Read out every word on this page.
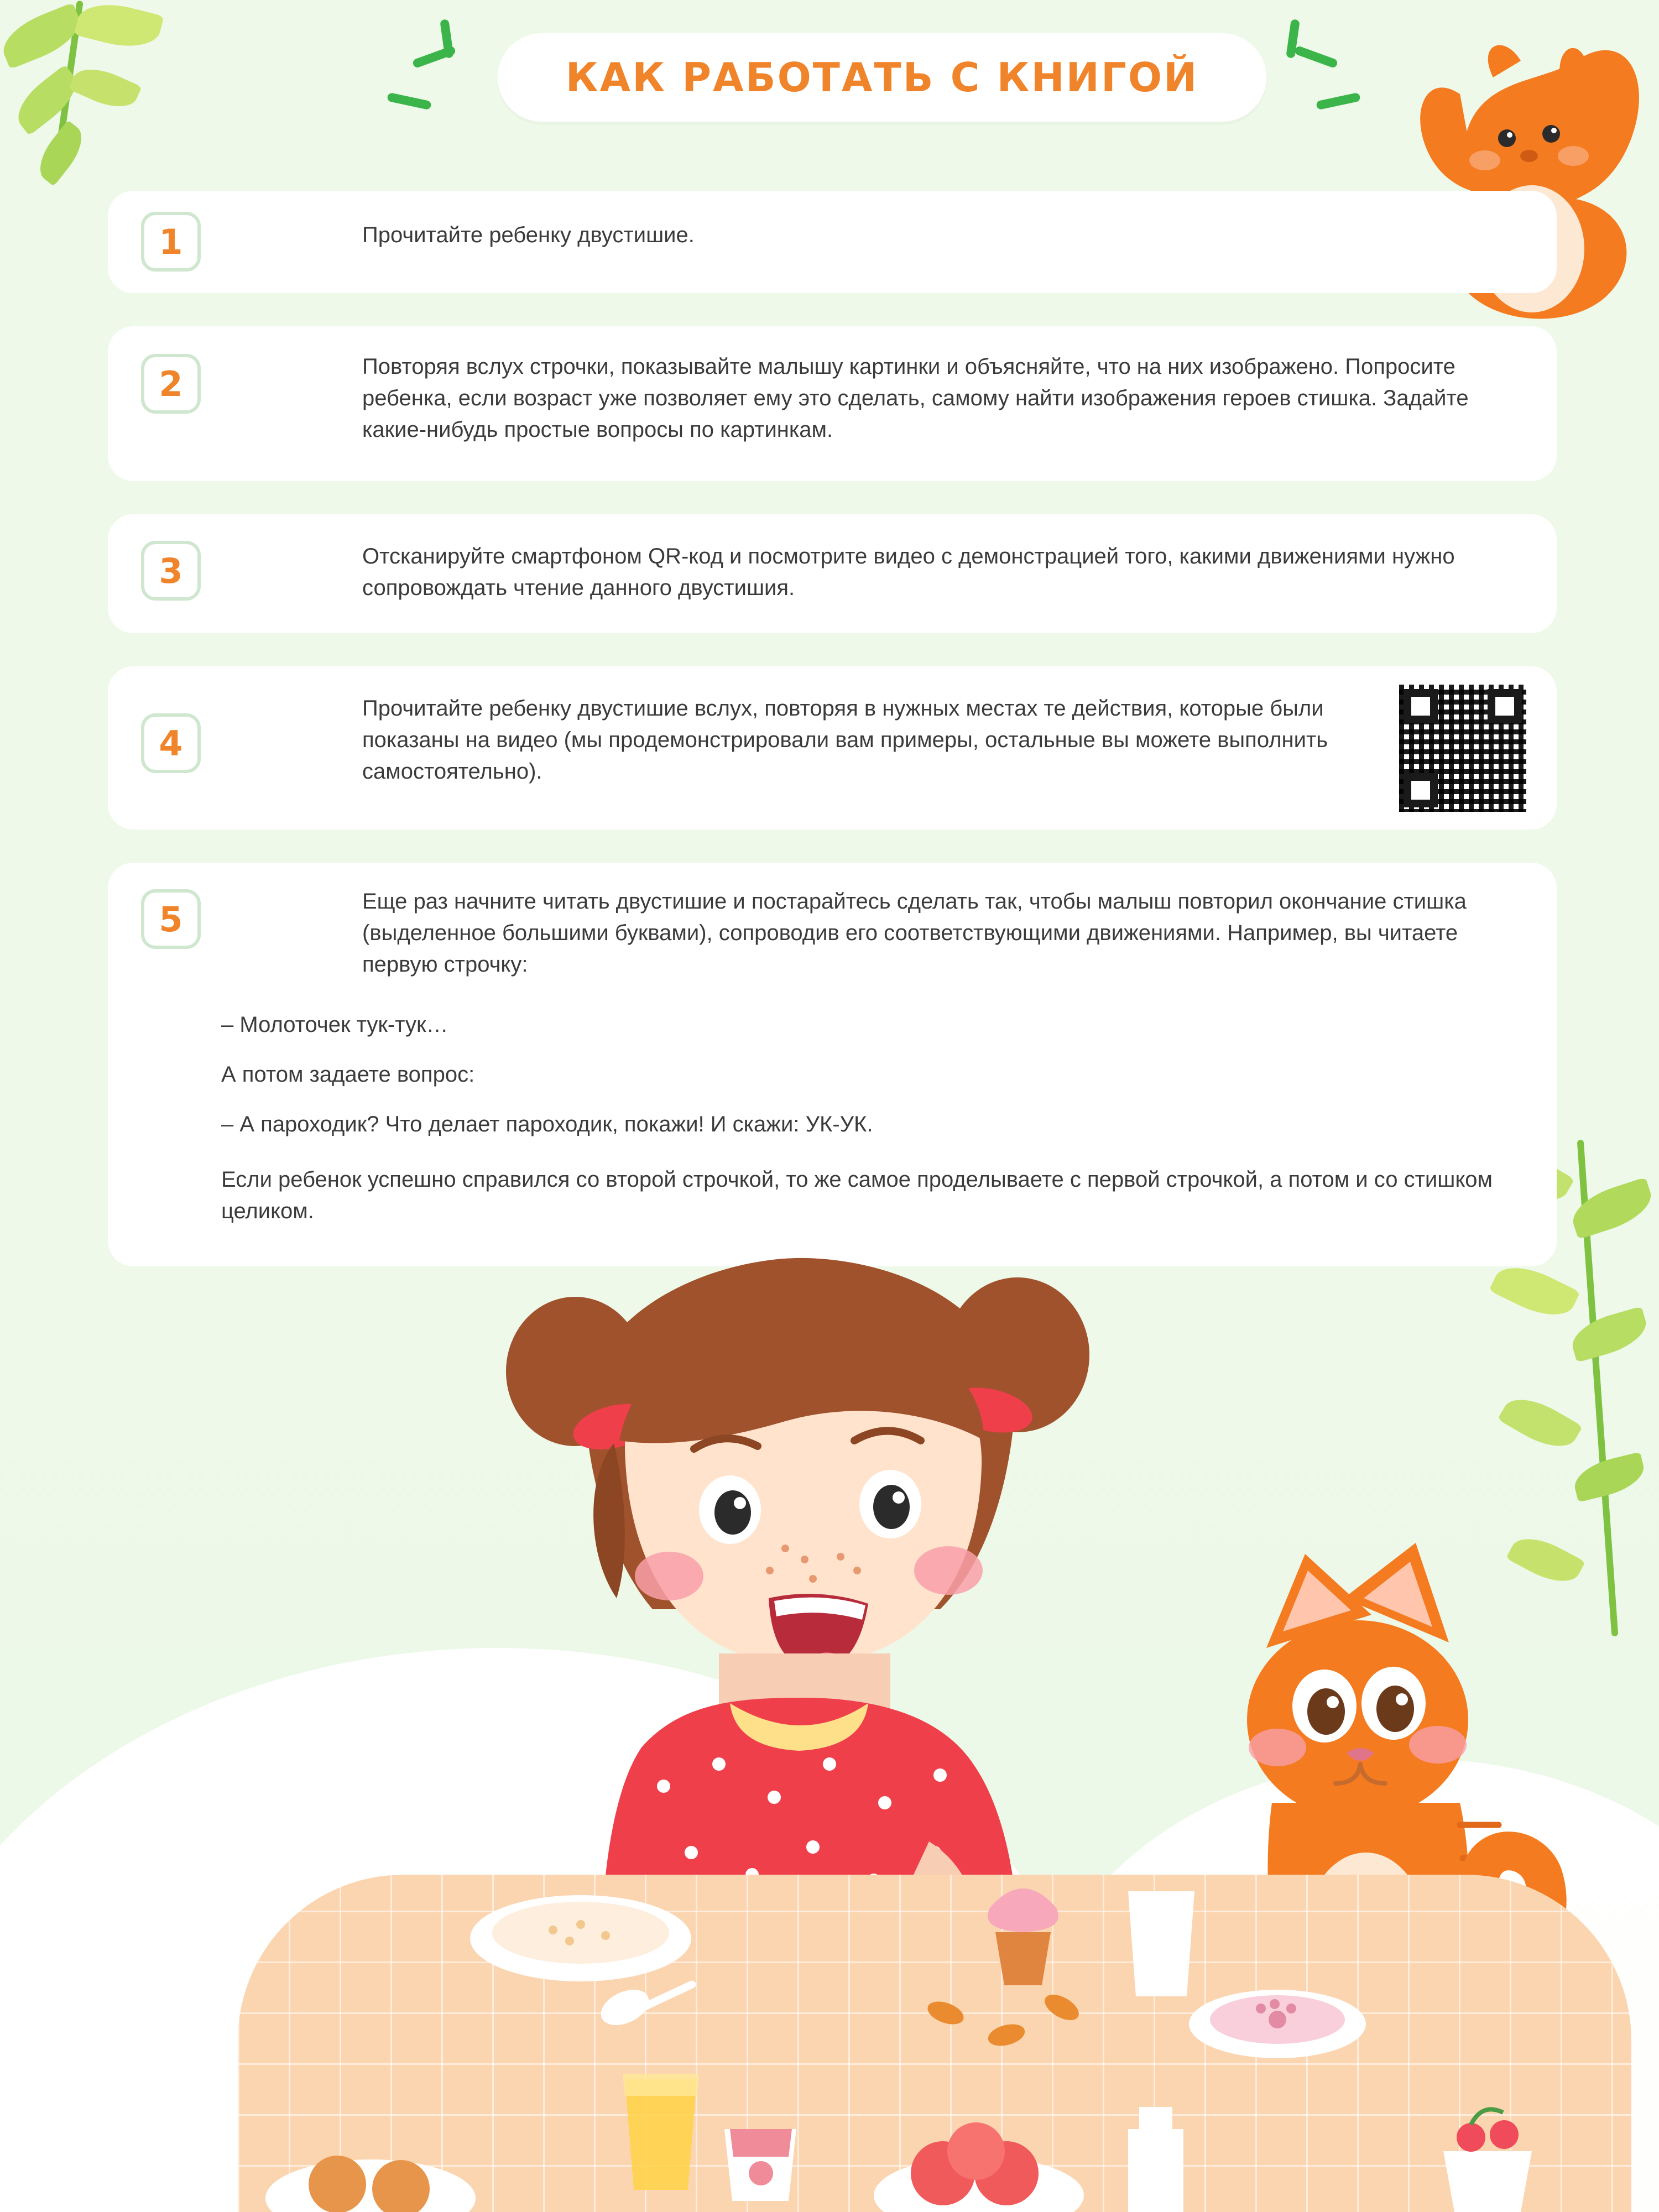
КАК РАБОТАТЬ С КНИГОЙ
1	Прочитайте ребенку двустишие.

2	Повторяя вслух строчки, показывайте малышу картинки и объясняйте, что на них изображено. Попросите ребенка, если возраст уже позволяет ему это сделать, самому найти изображения героев стишка. Задайте какие-нибудь простые вопросы по картинкам.

3	Отсканируйте смартфоном QR-код и посмотрите видео с демонстрацией того, какими движениями нужно сопровождать чтение данного двустишия.

4

Прочитайте ребенку двустишие вслух, повторяя в нужных местах те действия, которые были показаны на видео (мы продемонстрировали вам примеры, остальные вы можете выполнить самостоятельно).

5	Еще раз начните читать двустишие и постарайтесь сделать так, чтобы малыш повторил окончание стишка (выделенное большими буквами), сопроводив его соответствующими движениями. Например, вы читаете первую строчку:

– Молоточек тук-тук…

А потом задаете вопрос:

– А пароходик? Что делает пароходик, покажи! И скажи: УК-УК.

Если ребенок успешно справился со второй строчкой, то же самое проделываете с первой строчкой, а потом и со стишком целиком.
